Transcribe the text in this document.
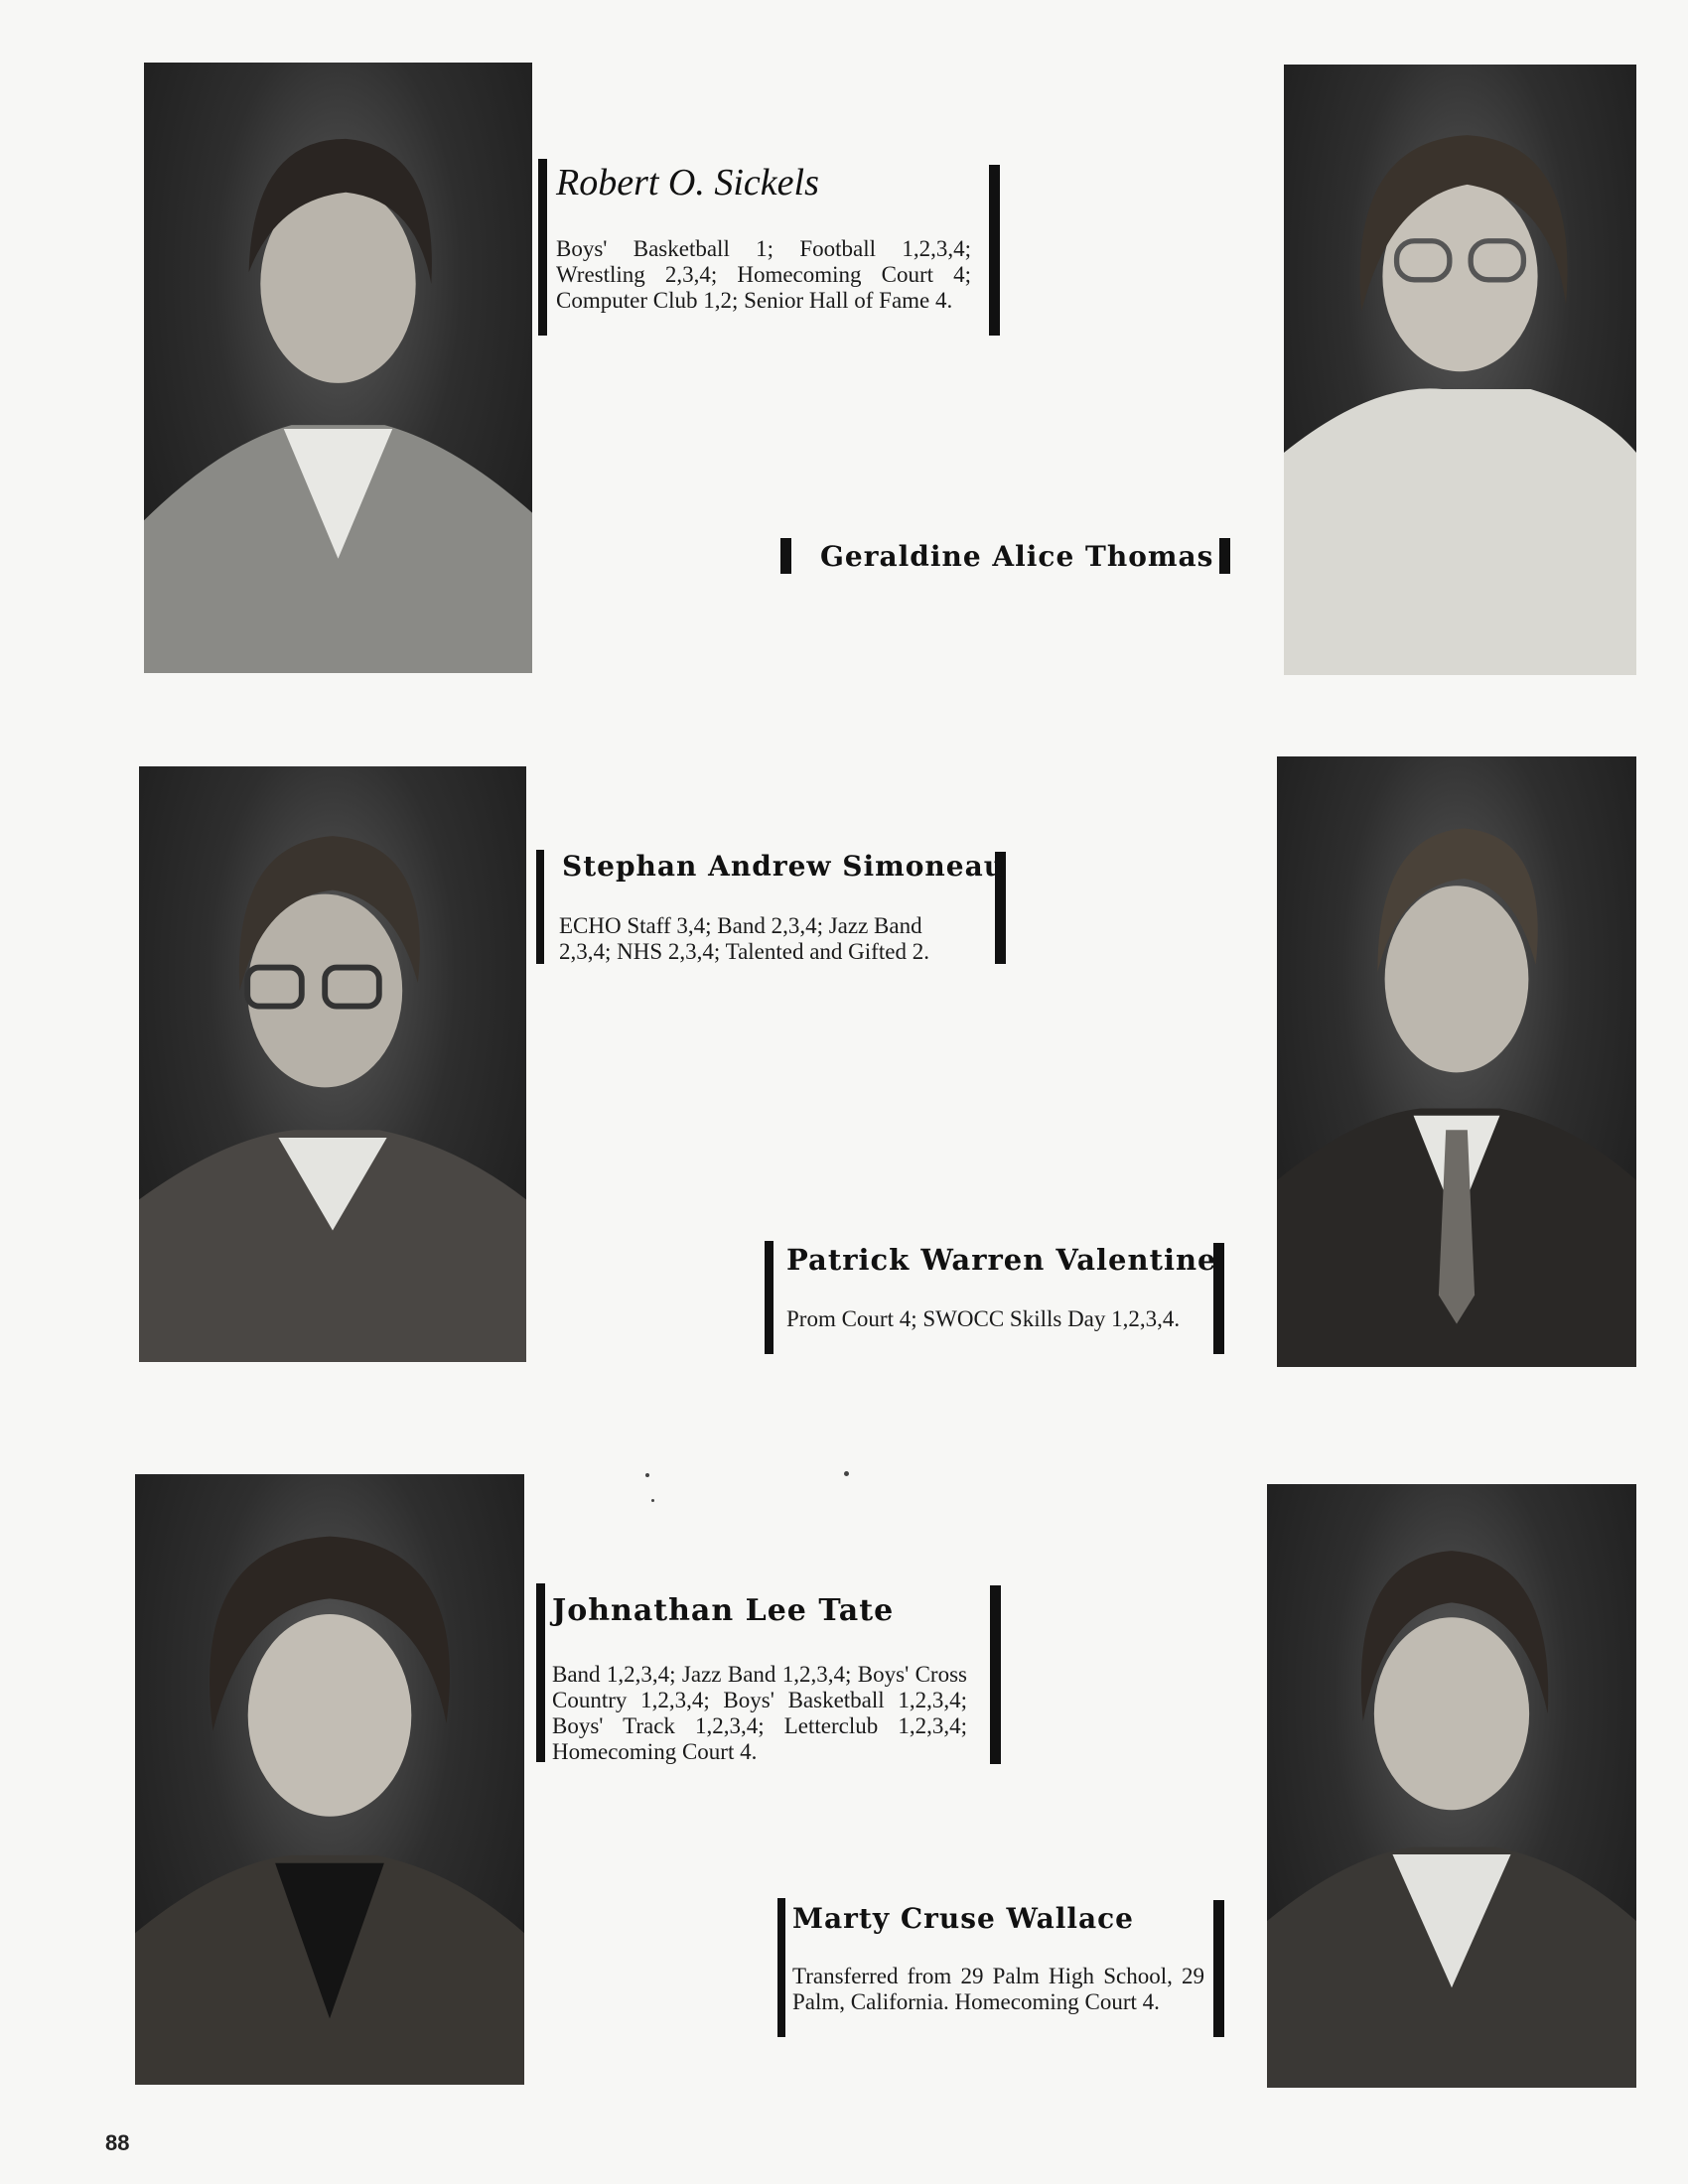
Robert O. Sickels
Boys' Basketball 1; Football 1,2,3,4; Wrestling 2,3,4; Homecoming Court 4; Computer Club 1,2; Senior Hall of Fame 4.
Geraldine Alice Thomas
Stephan Andrew Simoneau
ECHO Staff 3,4; Band 2,3,4; Jazz Band 2,3,4; NHS 2,3,4; Talented and Gifted 2.
Patrick Warren Valentine
Prom Court 4; SWOCC Skills Day 1,2,3,4.
Johnathan Lee Tate
Band 1,2,3,4; Jazz Band 1,2,3,4; Boys' Cross Country 1,2,3,4; Boys' Basketball 1,2,3,4; Boys' Track 1,2,3,4; Letterclub 1,2,3,4; Homecoming Court 4.
Marty Cruse Wallace
Transferred from 29 Palm High School, 29 Palm, California. Homecoming Court 4.
88
